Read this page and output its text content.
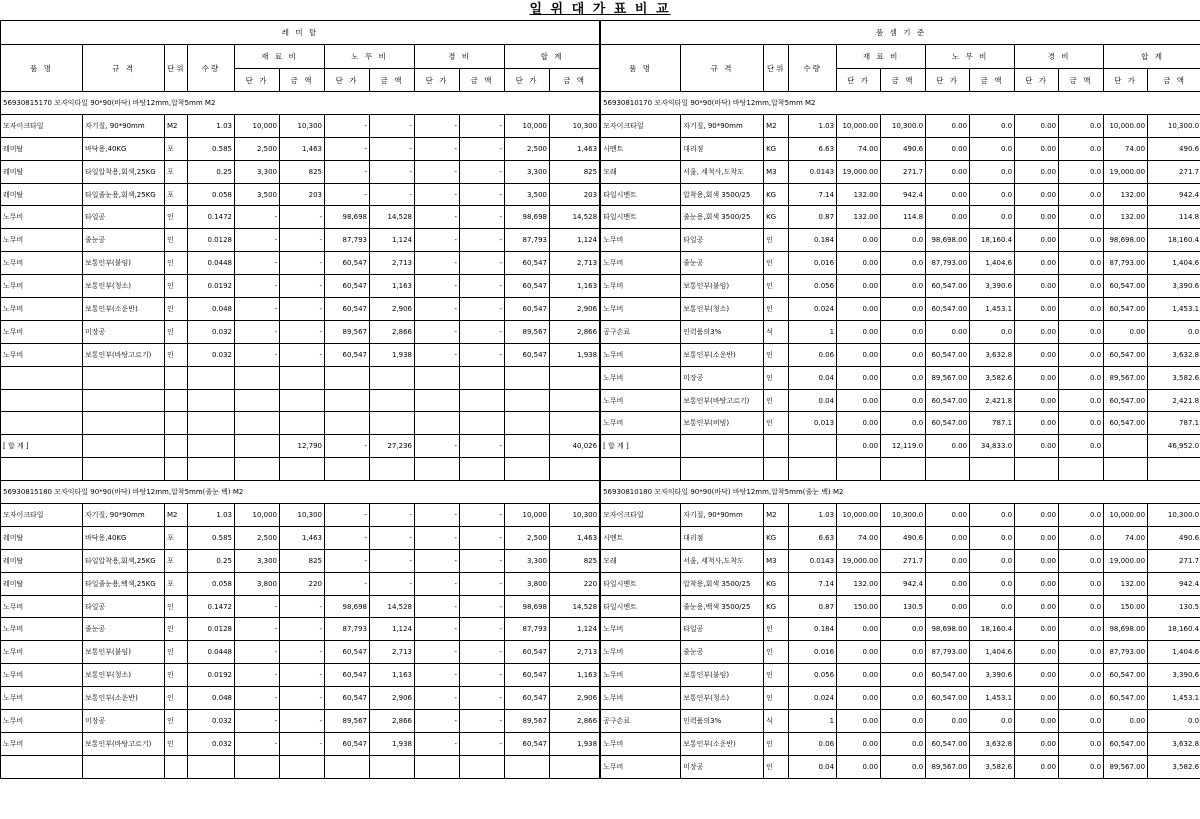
일 위 대 가 표 비 교
레 미 탈											
품 명	규 격	단위	수량	재 료 비		노 무 비		경 비		합 계	
				단 가	금 액	단 가	금 액	단 가	금 액	단 가	금 액
56930815170 모자익타일 90*90(바닥) 바탕12mm,압착5mm M2											
모자이크타일	자기질, 90*90mm	M2	1.03	10,000	10,300	-	-	-	-	10,000	10,300
레미탈	바닥용,40KG	포	0.585	2,500	1,463	-	-	-	-	2,500	1,463
레미탈	타일압착용,회색,25KG	포	0.25	3,300	825	-	-	-	-	3,300	825
레미탈	타일줄눈용,회색,25KG	포	0.058	3,500	203	-	-	-	-	3,500	203
노무비	타일공	인	0.1472	-	-	98,698	14,528	-	-	98,698	14,528
노무비	줄눈공	인	0.0128	-	-	87,793	1,124	-	-	87,793	1,124
노무비	보통인부(붙임)	인	0.0448	-	-	60,547	2,713	-	-	60,547	2,713
노무비	보통인부(청소)	인	0.0192	-	-	60,547	1,163	-	-	60,547	1,163
노무비	보통인부(소운반)	인	0.048	-	-	60,547	2,906	-	-	60,547	2,906
노무비	미장공	인	0.032	-	-	89,567	2,866	-	-	89,567	2,866
노무비	보통인부(바탕고르기)	인	0.032	-	-	60,547	1,938	-	-	60,547	1,938

[ 합 계 ]					12,790	-	27,236	-	-		40,026

56930815180 모자익타일 90*90(바닥) 바탕12mm,압착5mm(줄눈 백) M2											
모자이크타일	자기질, 90*90mm	M2	1.03	10,000	10,300	-	-	-	-	10,000	10,300
레미탈	바닥용,40KG	포	0.585	2,500	1,463	-	-	-	-	2,500	1,463
레미탈	타일압착용,회색,25KG	포	0.25	3,300	825	-	-	-	-	3,300	825
레미탈	타일줄눈용,백색,25KG	포	0.058	3,800	220	-	-	-	-	3,800	220
노무비	타일공	인	0.1472	-	-	98,698	14,528	-	-	98,698	14,528
노무비	줄눈공	인	0.0128	-	-	87,793	1,124	-	-	87,793	1,124
노무비	보통인부(붙임)	인	0.0448	-	-	60,547	2,713	-	-	60,547	2,713
노무비	보통인부(청소)	인	0.0192	-	-	60,547	1,163	-	-	60,547	1,163
노무비	보통인부(소운반)	인	0.048	-	-	60,547	2,906	-	-	60,547	2,906
노무비	미장공	인	0.032	-	-	89,567	2,866	-	-	89,567	2,866
노무비	보통인부(바탕고르기)	인	0.032	-	-	60,547	1,938	-	-	60,547	1,938

품 셈 기 준											
품 명	규 격	단위	수량	재 료 비		노 무 비		경 비		합 계	
				단 가	금 액	단 가	금 액	단 가	금 액	단 가	금 액
56930810170 모자익타일 90*90(바닥) 바탕12mm,압착5mm M2											
모자이크타일	자기질, 90*90mm	M2	1.03	10,000.00	10,300.0	0.00	0.0	0.00	0.0	10,000.00	10,300.0
시멘트	대리점	KG	6.63	74.00	490.6	0.00	0.0	0.00	0.0	74.00	490.6
모래	서울, 세척사,도착도	M3	0.0143	19,000.00	271.7	0.00	0.0	0.00	0.0	19,000.00	271.7
타일시멘트	압착용,회색 3500/25	KG	7.14	132.00	942.4	0.00	0.0	0.00	0.0	132.00	942.4
타일시멘트	줄눈용,회색 3500/25	KG	0.87	132.00	114.8	0.00	0.0	0.00	0.0	132.00	114.8
노무비	타일공	인	0.184	0.00	0.0	98,698.00	18,160.4	0.00	0.0	98,698.00	18,160.4
노무비	줄눈공	인	0.016	0.00	0.0	87,793.00	1,404.6	0.00	0.0	87,793.00	1,404.6
노무비	보통인부(붙임)	인	0.056	0.00	0.0	60,547.00	3,390.6	0.00	0.0	60,547.00	3,390.6
노무비	보통인부(청소)	인	0.024	0.00	0.0	60,547.00	1,453.1	0.00	0.0	60,547.00	1,453.1
공구손료	인력품의3%	식	1	0.00	0.0	0.00	0.0	0.00	0.0	0.00	0.0
노무비	보통인부(소운반)	인	0.06	0.00	0.0	60,547.00	3,632.8	0.00	0.0	60,547.00	3,632.8
노무비	미장공	인	0.04	0.00	0.0	89,567.00	3,582.6	0.00	0.0	89,567.00	3,582.6
노무비	보통인부(바탕고르기)	인	0.04	0.00	0.0	60,547.00	2,421.8	0.00	0.0	60,547.00	2,421.8
노무비	보통인부(비빔)	인	0.013	0.00	0.0	60,547.00	787.1	0.00	0.0	60,547.00	787.1
[ 합 계 ]				0.00	12,119.0	0.00	34,833.0	0.00	0.0		46,952.0

56930810180 모자익타일 90*90(바닥) 바탕12mm,압착5mm(줄눈 백) M2											
모자이크타일	자기질, 90*90mm	M2	1.03	10,000.00	10,300.0	0.00	0.0	0.00	0.0	10,000.00	10,300.0
시멘트	대리점	KG	6.63	74.00	490.6	0.00	0.0	0.00	0.0	74.00	490.6
모래	서울, 세척사,도착도	M3	0.0143	19,000.00	271.7	0.00	0.0	0.00	0.0	19,000.00	271.7
타일시멘트	압착용,회색 3500/25	KG	7.14	132.00	942.4	0.00	0.0	0.00	0.0	132.00	942.4
타일시멘트	줄눈용,백색 3500/25	KG	0.87	150.00	130.5	0.00	0.0	0.00	0.0	150.00	130.5
노무비	타일공	인	0.184	0.00	0.0	98,698.00	18,160.4	0.00	0.0	98,698.00	18,160.4
노무비	줄눈공	인	0.016	0.00	0.0	87,793.00	1,404.6	0.00	0.0	87,793.00	1,404.6
노무비	보통인부(붙임)	인	0.056	0.00	0.0	60,547.00	3,390.6	0.00	0.0	60,547.00	3,390.6
노무비	보통인부(청소)	인	0.024	0.00	0.0	60,547.00	1,453.1	0.00	0.0	60,547.00	1,453.1
공구손료	인력품의3%	식	1	0.00	0.0	0.00	0.0	0.00	0.0	0.00	0.0
노무비	보통인부(소운반)	인	0.06	0.00	0.0	60,547.00	3,632.8	0.00	0.0	60,547.00	3,632.8
노무비	미장공	인	0.04	0.00	0.0	89,567.00	3,582.6	0.00	0.0	89,567.00	3,582.6
